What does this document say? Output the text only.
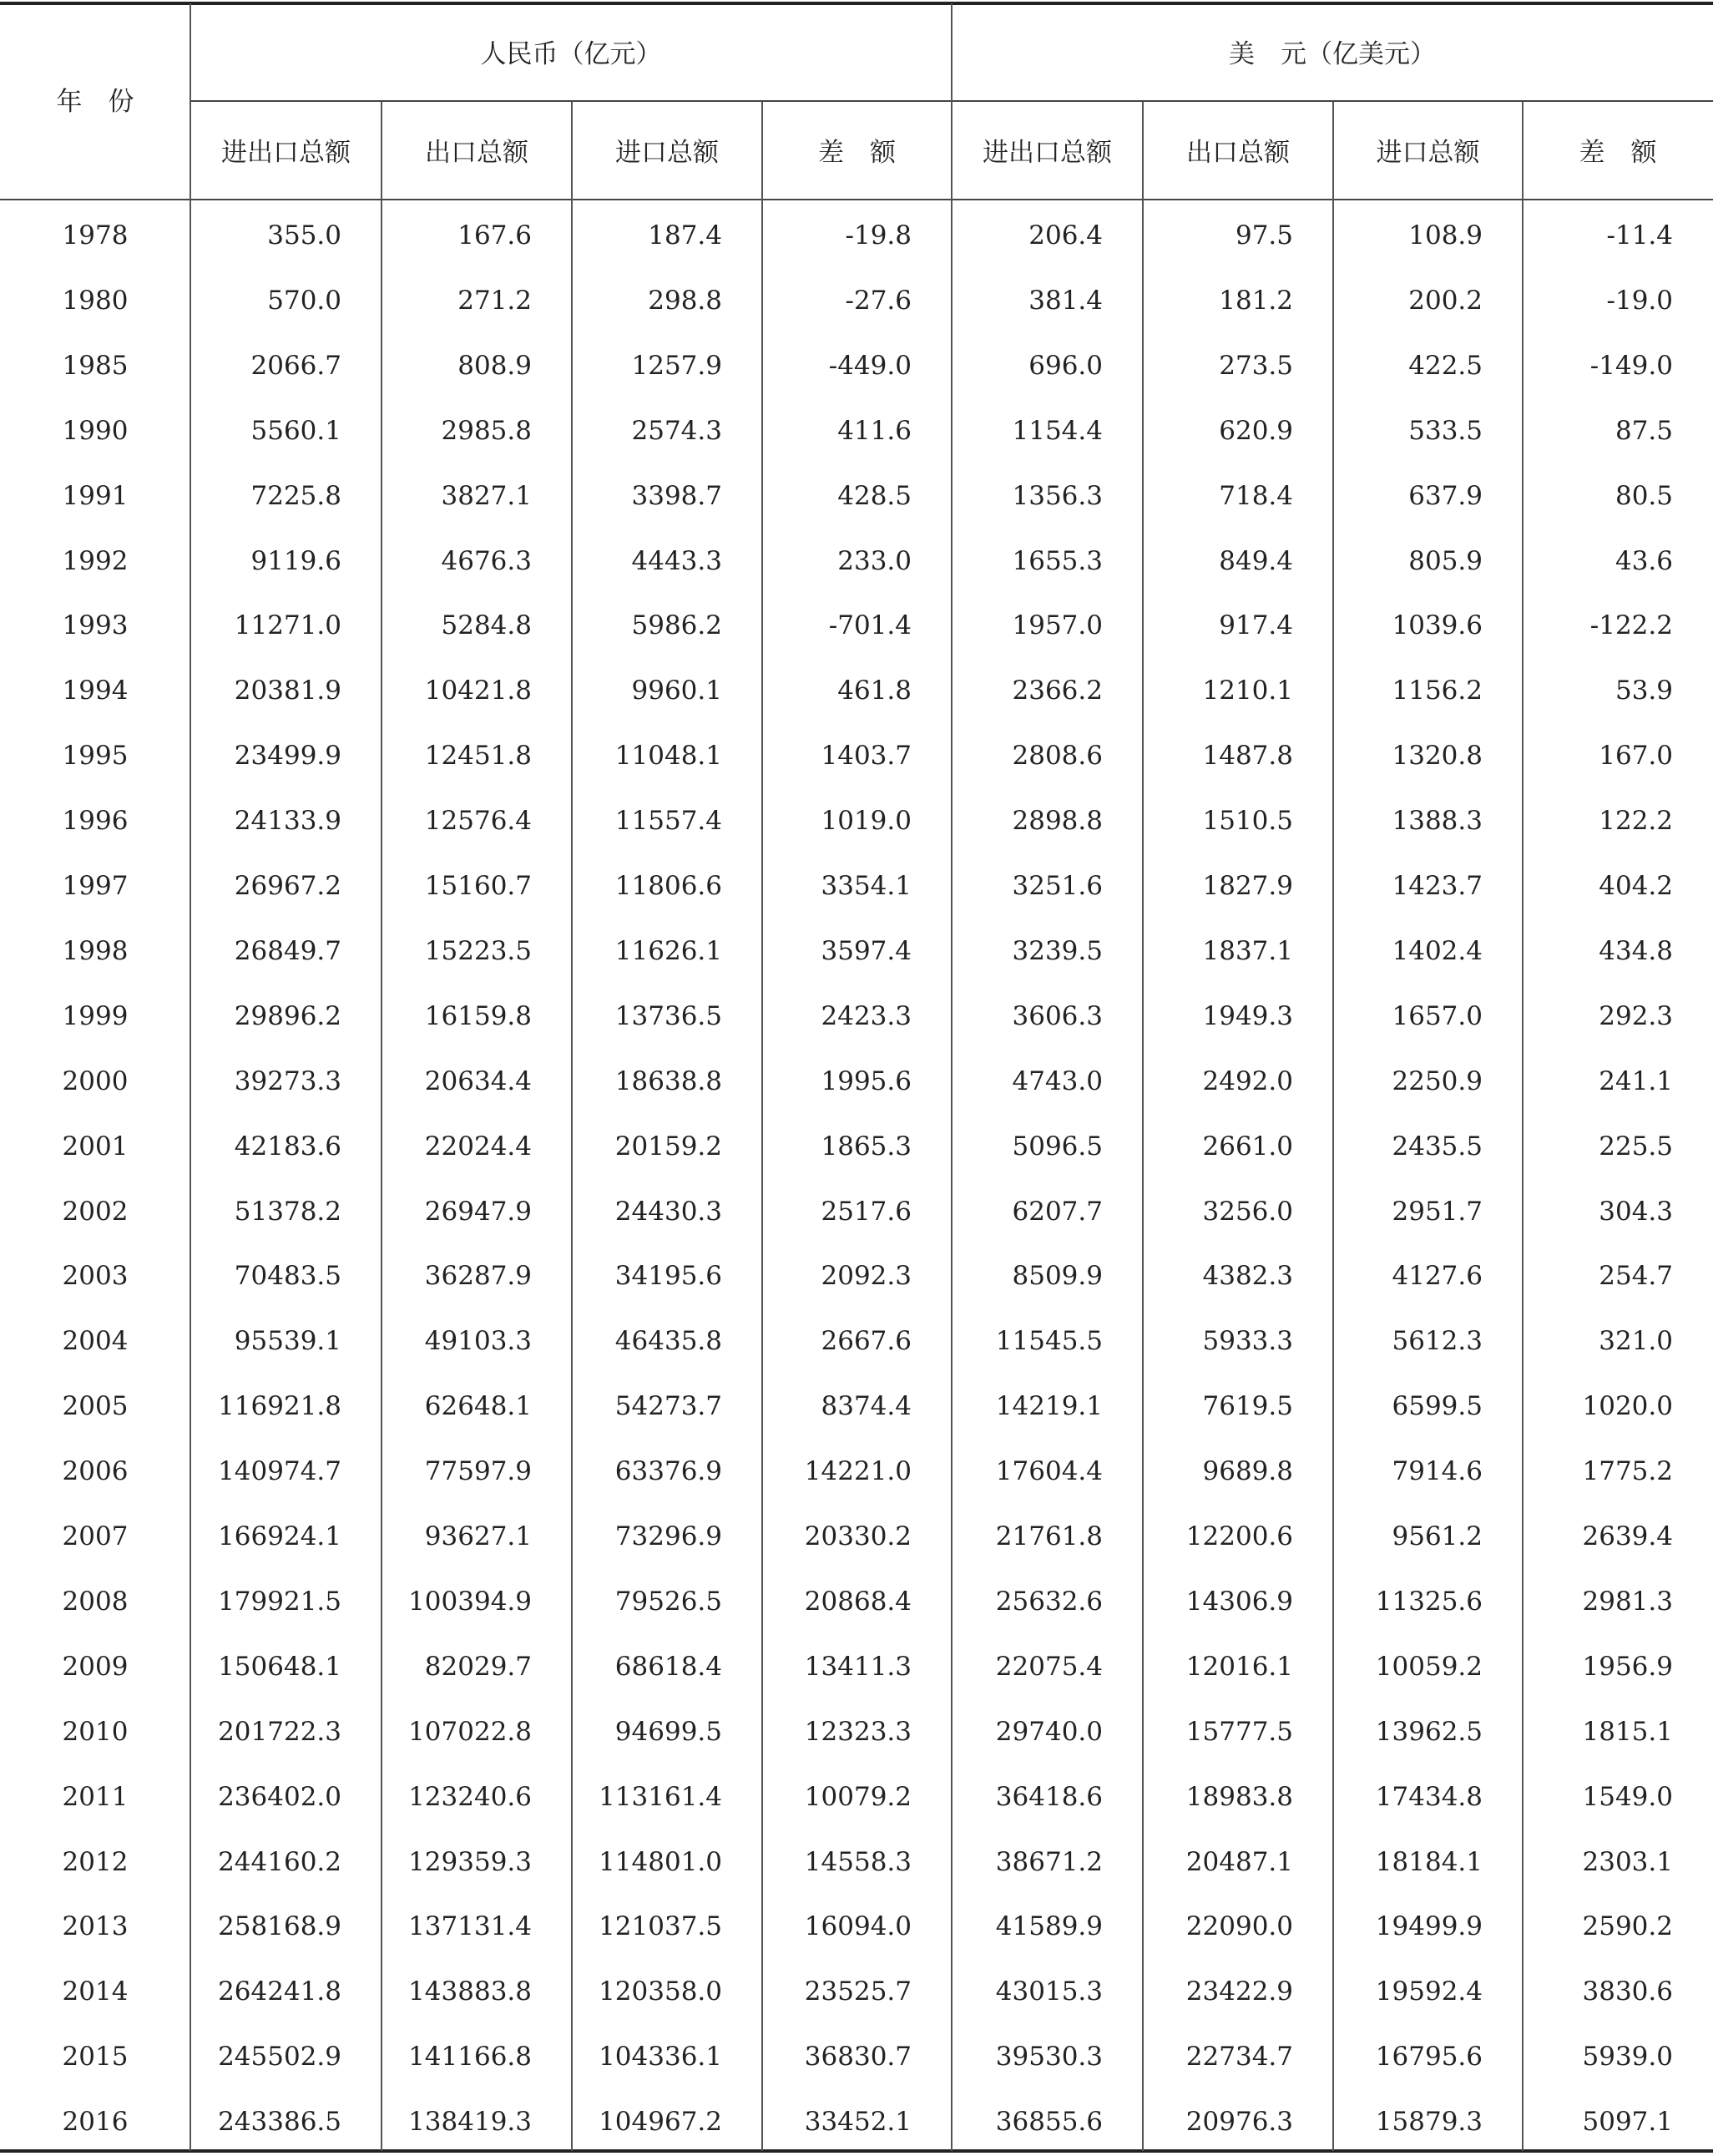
年　份
人民币（亿元）	美　元（亿美元）
进出口总额	出口总额	进口总额	差　额	进出口总额	出口总额	进口总额	差　额
1978	355.0	167.6	187.4	-19.8	206.4	97.5	108.9	-11.4
1980	570.0	271.2	298.8	-27.6	381.4	181.2	200.2	-19.0
1985	2066.7	808.9	1257.9	-449.0	696.0	273.5	422.5	-149.0
1990	5560.1	2985.8	2574.3	411.6	1154.4	620.9	533.5	87.5
1991	7225.8	3827.1	3398.7	428.5	1356.3	718.4	637.9	80.5
1992	9119.6	4676.3	4443.3	233.0	1655.3	849.4	805.9	43.6
1993	11271.0	5284.8	5986.2	-701.4	1957.0	917.4	1039.6	-122.2
1994	20381.9	10421.8	9960.1	461.8	2366.2	1210.1	1156.2	53.9
1995	23499.9	12451.8	11048.1	1403.7	2808.6	1487.8	1320.8	167.0
1996	24133.9	12576.4	11557.4	1019.0	2898.8	1510.5	1388.3	122.2
1997	26967.2	15160.7	11806.6	3354.1	3251.6	1827.9	1423.7	404.2
1998	26849.7	15223.5	11626.1	3597.4	3239.5	1837.1	1402.4	434.8
1999	29896.2	16159.8	13736.5	2423.3	3606.3	1949.3	1657.0	292.3
2000	39273.3	20634.4	18638.8	1995.6	4743.0	2492.0	2250.9	241.1
2001	42183.6	22024.4	20159.2	1865.3	5096.5	2661.0	2435.5	225.5
2002	51378.2	26947.9	24430.3	2517.6	6207.7	3256.0	2951.7	304.3
2003	70483.5	36287.9	34195.6	2092.3	8509.9	4382.3	4127.6	254.7
2004	95539.1	49103.3	46435.8	2667.6	11545.5	5933.3	5612.3	321.0
2005	116921.8	62648.1	54273.7	8374.4	14219.1	7619.5	6599.5	1020.0
2006	140974.7	77597.9	63376.9	14221.0	17604.4	9689.8	7914.6	1775.2
2007	166924.1	93627.1	73296.9	20330.2	21761.8	12200.6	9561.2	2639.4
2008	179921.5	100394.9	79526.5	20868.4	25632.6	14306.9	11325.6	2981.3
2009	150648.1	82029.7	68618.4	13411.3	22075.4	12016.1	10059.2	1956.9
2010	201722.3	107022.8	94699.5	12323.3	29740.0	15777.5	13962.5	1815.1
2011	236402.0	123240.6	113161.4	10079.2	36418.6	18983.8	17434.8	1549.0
2012	244160.2	129359.3	114801.0	14558.3	38671.2	20487.1	18184.1	2303.1
2013	258168.9	137131.4	121037.5	16094.0	41589.9	22090.0	19499.9	2590.2
2014	264241.8	143883.8	120358.0	23525.7	43015.3	23422.9	19592.4	3830.6
2015	245502.9	141166.8	104336.1	36830.7	39530.3	22734.7	16795.6	5939.0
2016	243386.5	138419.3	104967.2	33452.1	36855.6	20976.3	15879.3	5097.1
